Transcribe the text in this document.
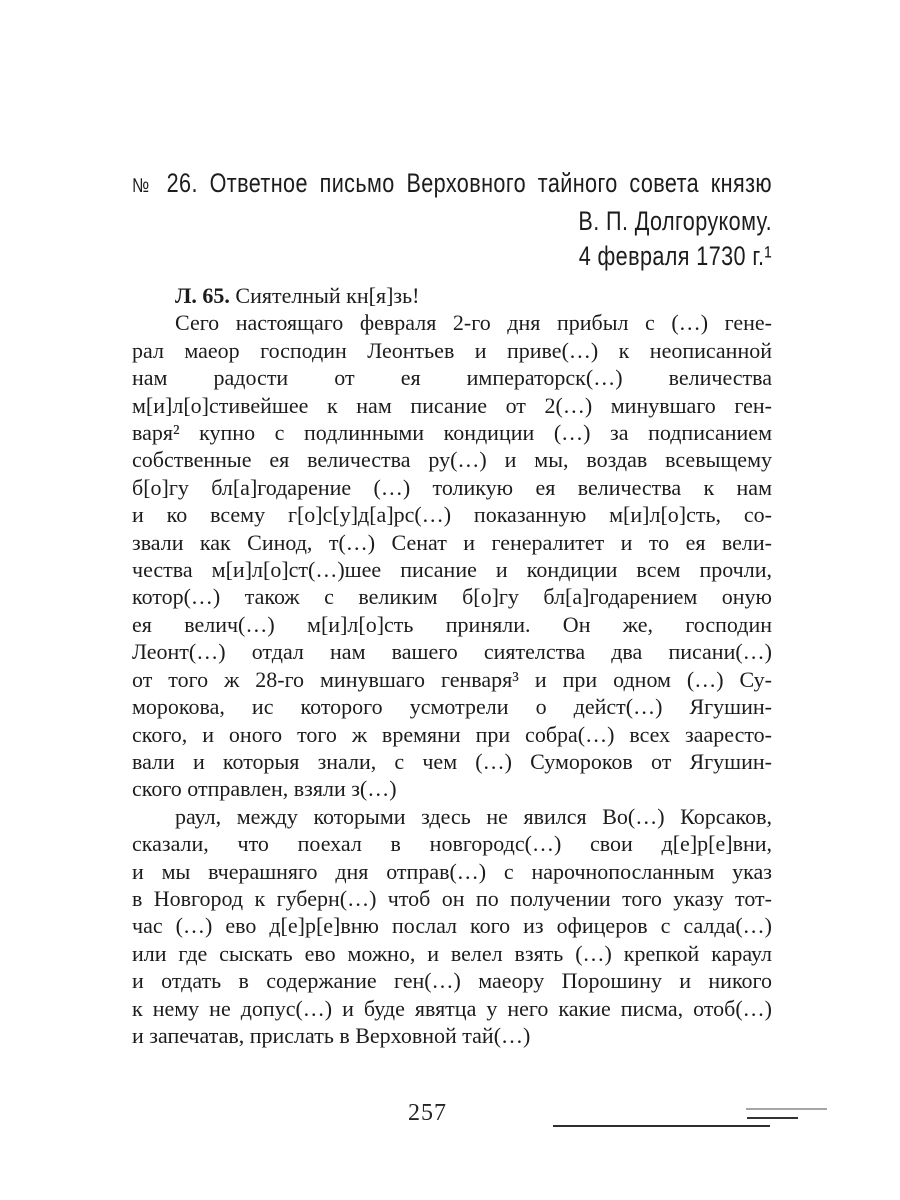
№ 26. Ответное письмо Верховного тайного совета князю
В. П. Долгорукому.
4 февраля 1730 г.¹
Л. 65. Сиятелный кн[я]зь!
Сего настоящаго февраля 2-го дня прибыл с (…) гене-
рал маеор господин Леонтьев и приве(…) к неописанной
нам радости от ея императорск(…) величества
м[и]л[о]стивейшее к нам писание от 2(…) минувшаго ген-
варя² купно с подлинными кондиции (…) за подписанием
собственные ея величества ру(…) и мы, воздав всевыщему
б[о]гу бл[а]годарение (…) толикую ея величества к нам
и ко всему г[о]с[у]д[а]рс(…) показанную м[и]л[о]сть, со-
звали как Синод, т(…) Сенат и генералитет и то ея вели-
чества м[и]л[о]ст(…)шее писание и кондиции всем прочли,
котор(…) також с великим б[о]гу бл[а]годарением оную
ея велич(…) м[и]л[о]сть приняли. Он же, господин
Леонт(…) отдал нам вашего сиятелства два писани(…)
от того ж 28-го минувшаго генваря³ и при одном (…) Су-
морокова, ис которого усмотрели о дейст(…) Ягушин-
ского, и оного того ж времяни при собра(…) всех зааресто-
вали и которыя знали, с чем (…) Сумороков от Ягушин-
ского отправлен, взяли з(…)
раул, между которыми здесь не явился Во(…) Корсаков,
сказали, что поехал в новгородс(…) свои д[е]р[е]вни,
и мы вчерашняго дня отправ(…) с нарочнопосланным указ
в Новгород к губерн(…) чтоб он по получении того указу тот-
час (…) ево д[е]р[е]вню послал кого из офицеров с салда(…)
или где сыскать ево можно, и велел взять (…) крепкой караул
и отдать в содержание ген(…) маеору Порошину и никого
к нему не допус(…) и буде явятца у него какие писма, отоб(…)
и запечатав, прислать в Верховной тай(…)
257
